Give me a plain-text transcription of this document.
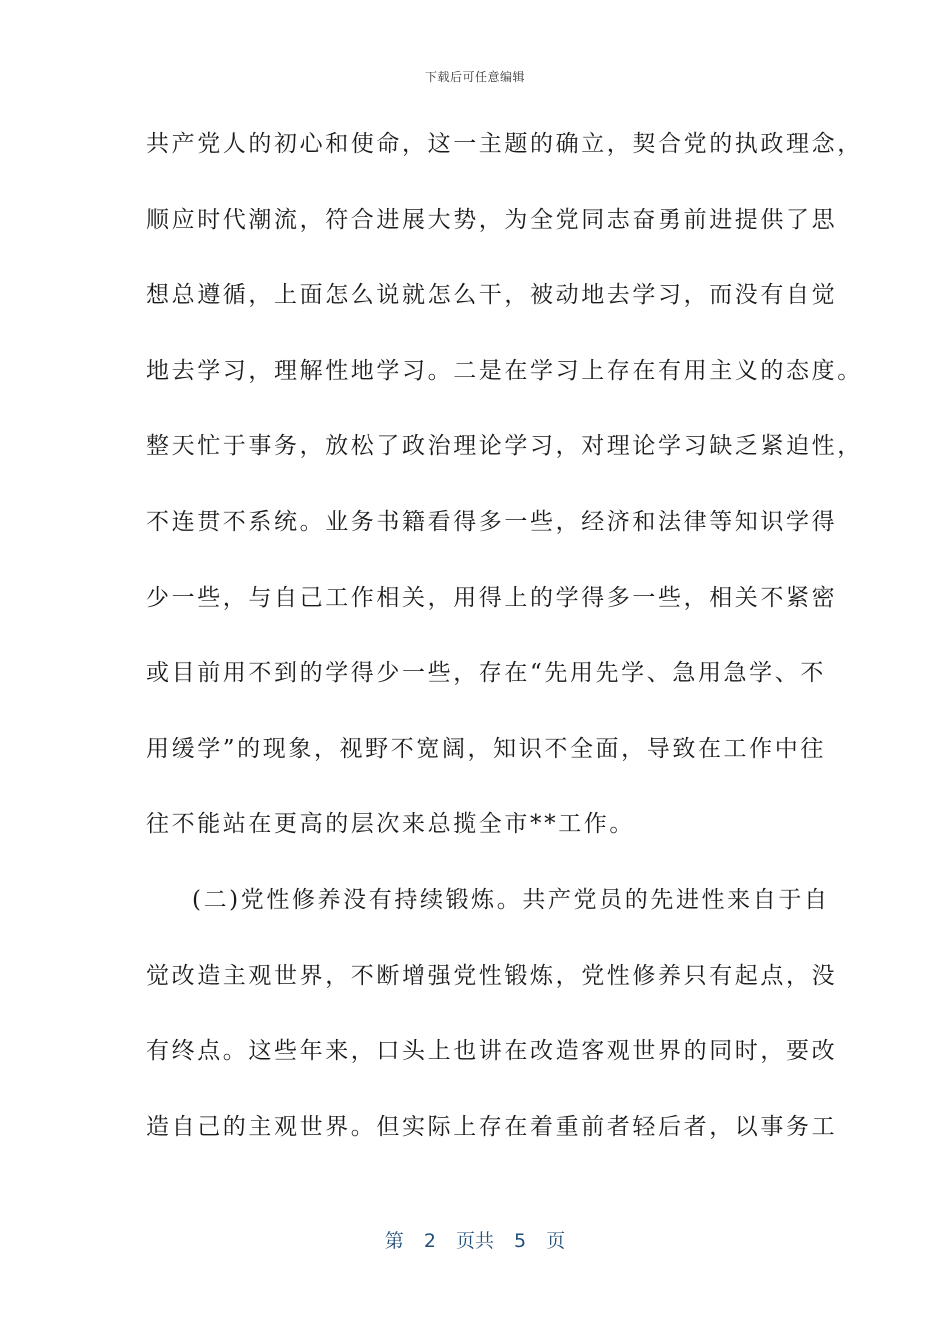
下载后可任意编辑
共产党人的初心和使命，这一主题的确立，契合党的执政理念，
顺应时代潮流，符合进展大势，为全党同志奋勇前进提供了思
想总遵循，上面怎么说就怎么干，被动地去学习，而没有自觉
地去学习，理解性地学习。二是在学习上存在有用主义的态度。
整天忙于事务，放松了政治理论学习，对理论学习缺乏紧迫性，
不连贯不系统。业务书籍看得多一些，经济和法律等知识学得
少一些，与自己工作相关，用得上的学得多一些，相关不紧密
或目前用不到的学得少一些，存在“先用先学、急用急学、不
用缓学”的现象，视野不宽阔，知识不全面，导致在工作中往
往不能站在更高的层次来总揽全市**工作。
(二)党性修养没有持续锻炼。共产党员的先进性来自于自
觉改造主观世界，不断增强党性锻炼，党性修养只有起点，没
有终点。这些年来，口头上也讲在改造客观世界的同时，要改
造自己的主观世界。但实际上存在着重前者轻后者，以事务工
第 2 页共 5 页
